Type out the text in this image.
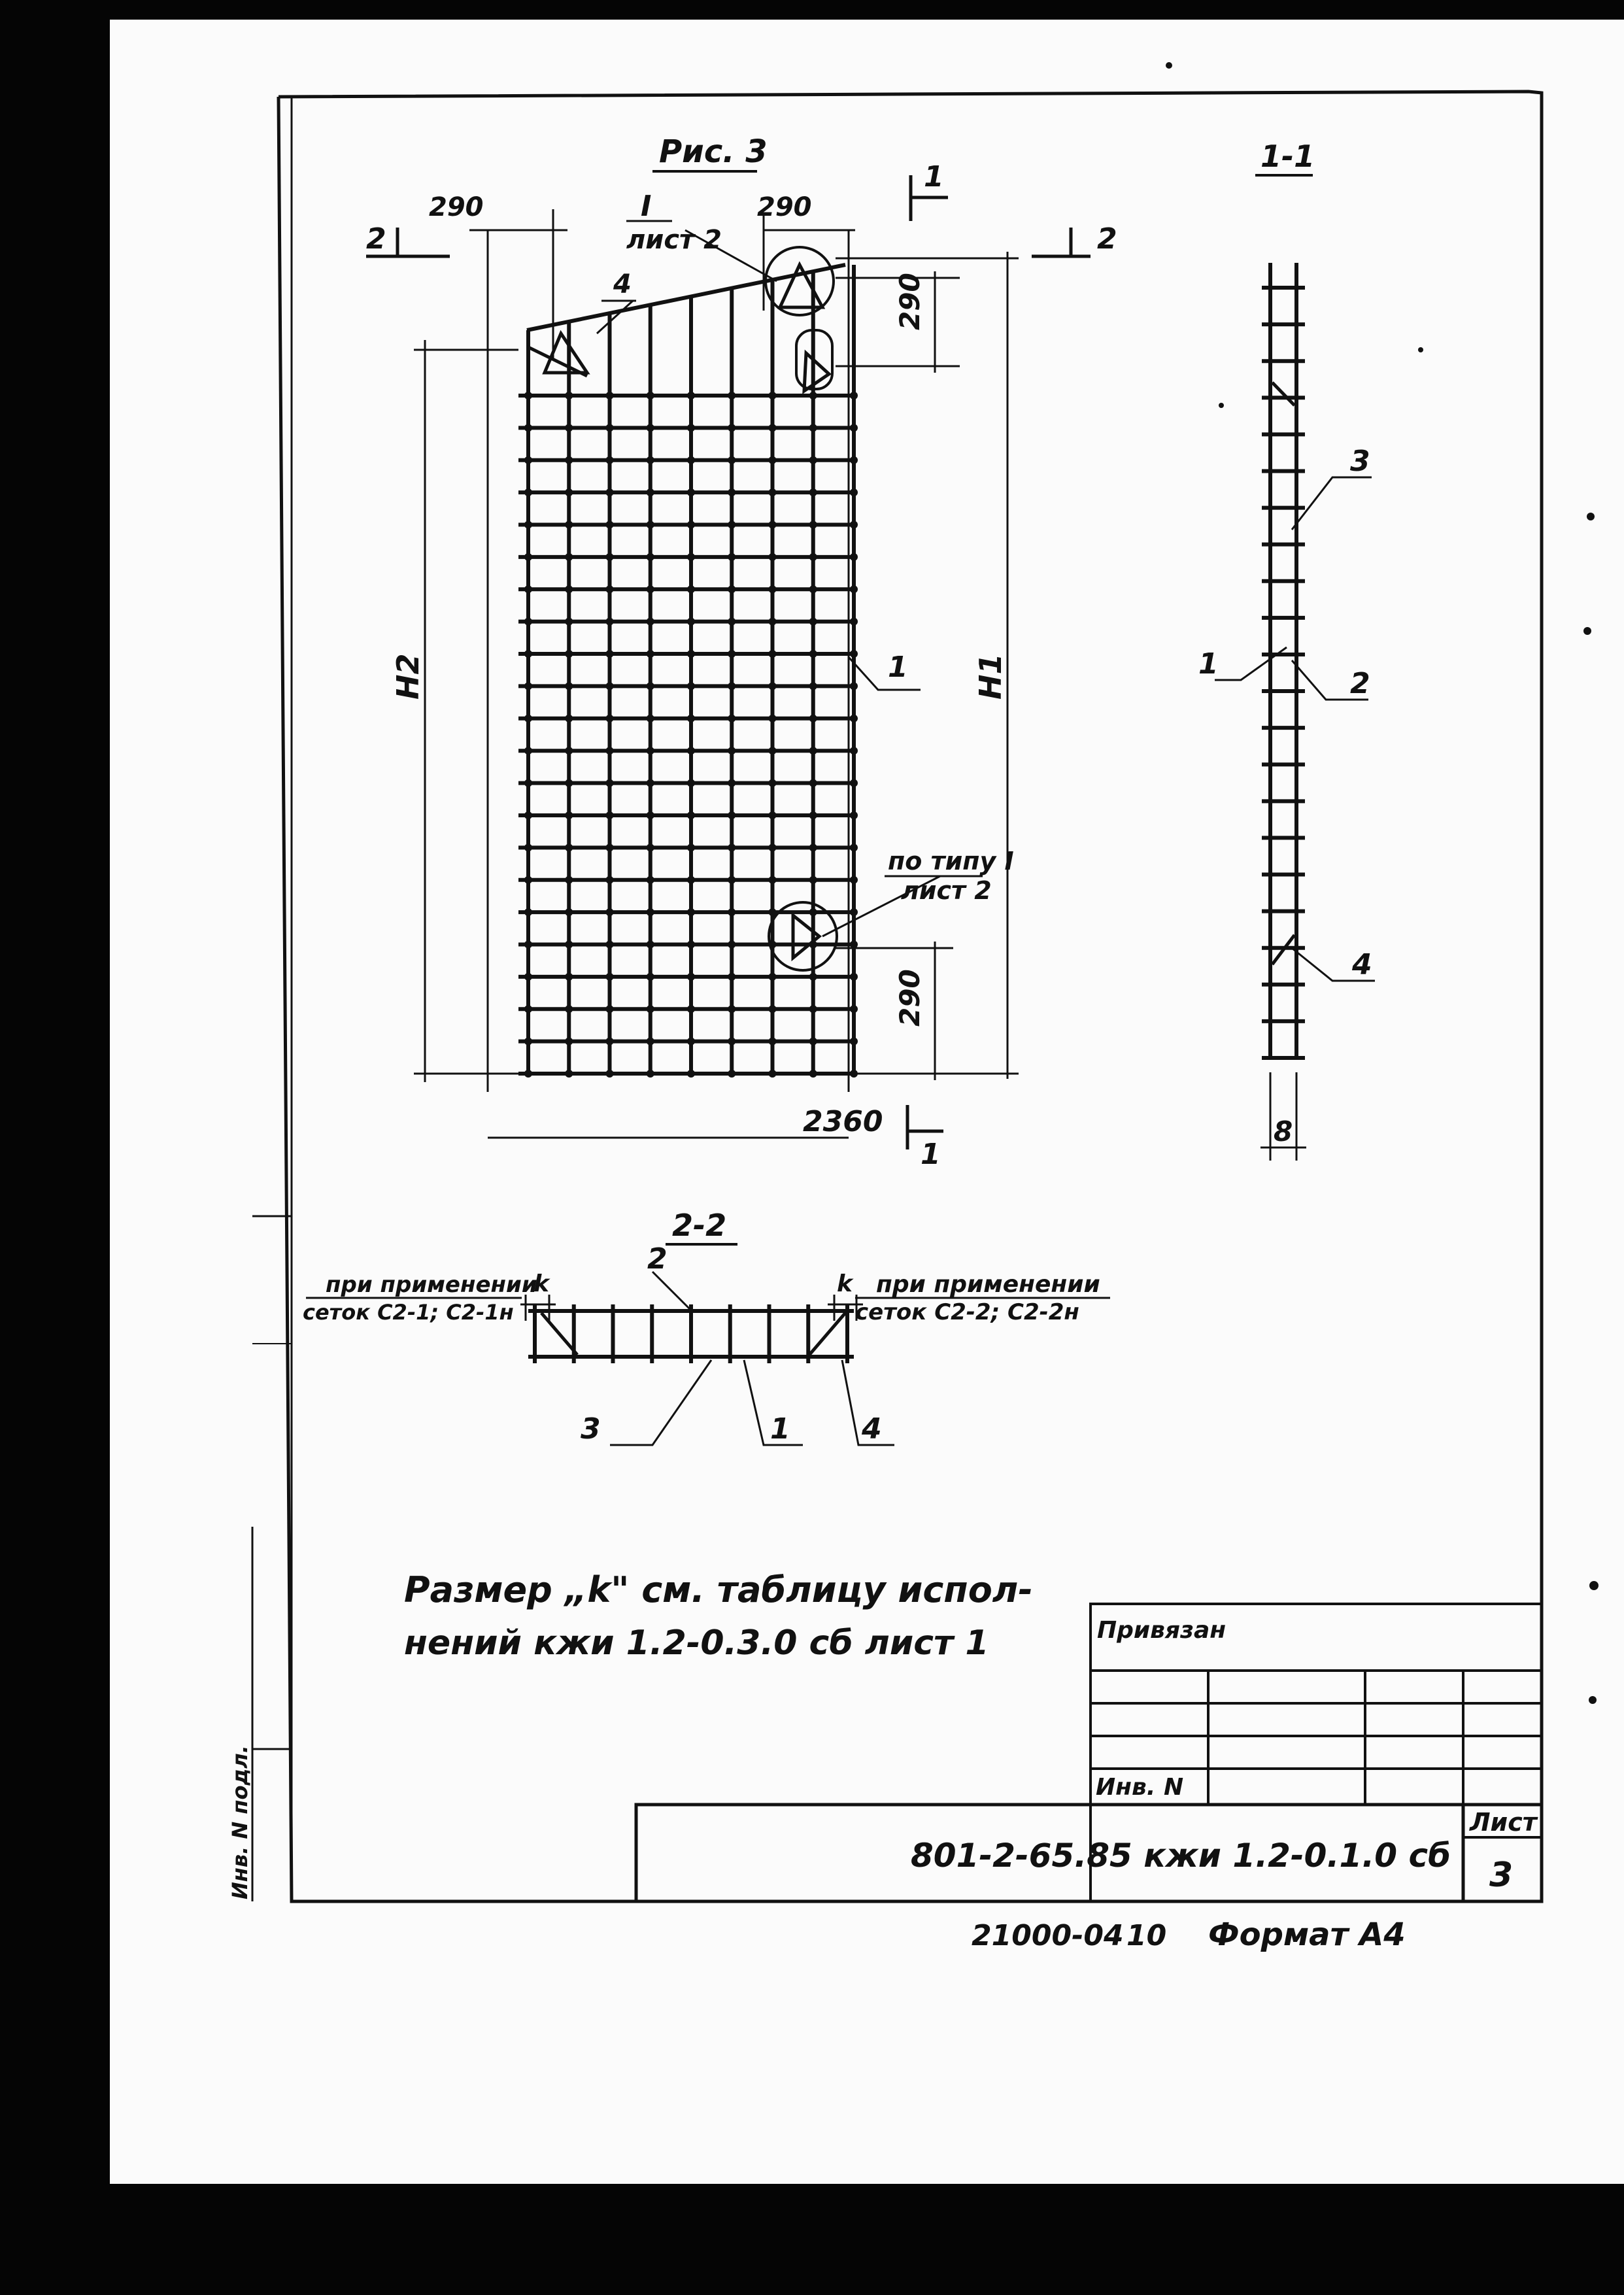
Рис. 3
2	2
1
1
290	290
2360
290
290
Н2	Н1
I
лист 2
по типу I
лист 2
4
1
1-1
3
1
2
4
8
2-2
при применении
сеток С2-1; С2-1н
при применении
сеток С2-2; С2-2н
k	k
2
3	1 4
Размер „k" см. таблицу испол-
нений кжи 1.2-0.3.0 сб лист 1	Привязан
Инв. N
801-2-65.85 кжи 1.2-0.1.0 сб
Лист
3
Инв. N подл.
21000-04 10 Формат А4
